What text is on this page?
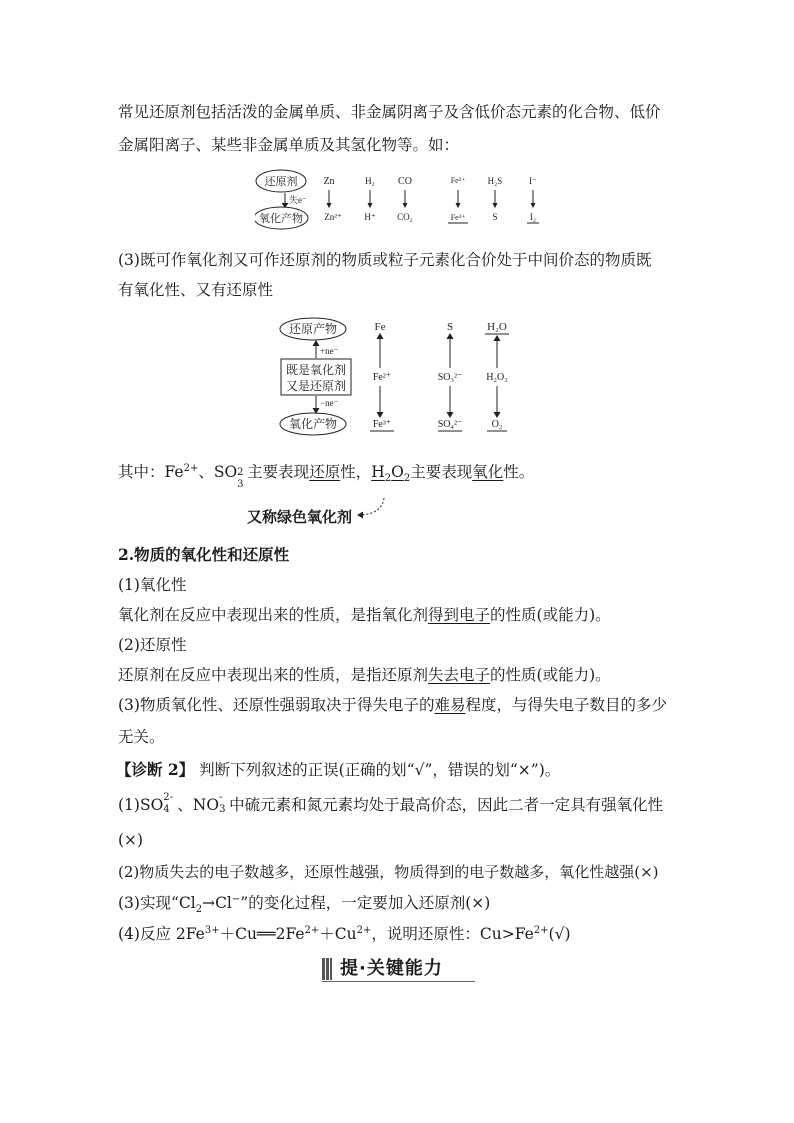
常见还原剂包括活泼的金属单质、非金属阴离子及含低价态元素的化合物、低价
金属阳离子、某些非金属单质及其氢化物等。如：
还原剂
氧化产物
失e⁻
Zn	H₂ CO	Fe²⁺ H₂S	I⁻
Zn²⁺	H⁺ CO₂	Fe³⁺	S	I₂
(3)既可作氧化剂又可作还原剂的物质或粒子元素化合价处于中间价态的物质既
有氧化性、又有还原性
还原产物
+ne⁻
既是氧化剂
又是还原剂
−ne⁻
氧化产物
Fe
Fe²⁺
Fe³⁺
S
SO₃²⁻
SO₄²⁻
H₂O
H₂O₂
O₂
其中：$Fe^{2+}$、SO 2
3
主要表现还原性，$H_2O_2$主要表现氧化性。
又称绿色氧化剂
2.物质的氧化性和还原性
(1)氧化性
氧化剂在反应中表现出来的性质，是指氧化剂得到电子的性质(或能力)。
(2)还原性
还原剂在反应中表现出来的性质，是指还原剂失去电子的性质(或能力)。
(3)物质氧化性、还原性强弱取决于得失电子的难易程度，与得失电子数目的多少
无关。
【诊断 2】 判断下列叙述的正误(正确的划“√”，错误的划“×”)。
(1)SO 2-
4 、NO -
3 中硫元素和氮元素均处于最高价态，因此二者一定具有强氧化性
(×)
(2)物质失去的电子数越多，还原性越强，物质得到的电子数越多，氧化性越强(×)
(3)实现“$Cl_2\to Cl^-$”的变化过程，一定要加入还原剂(×)
(4)反应 $2Fe^{3+}+Cu══2Fe^{2+}+Cu^{2+}$，说明还原性：$Cu>Fe^{2+}(√)$
提·关键能力
